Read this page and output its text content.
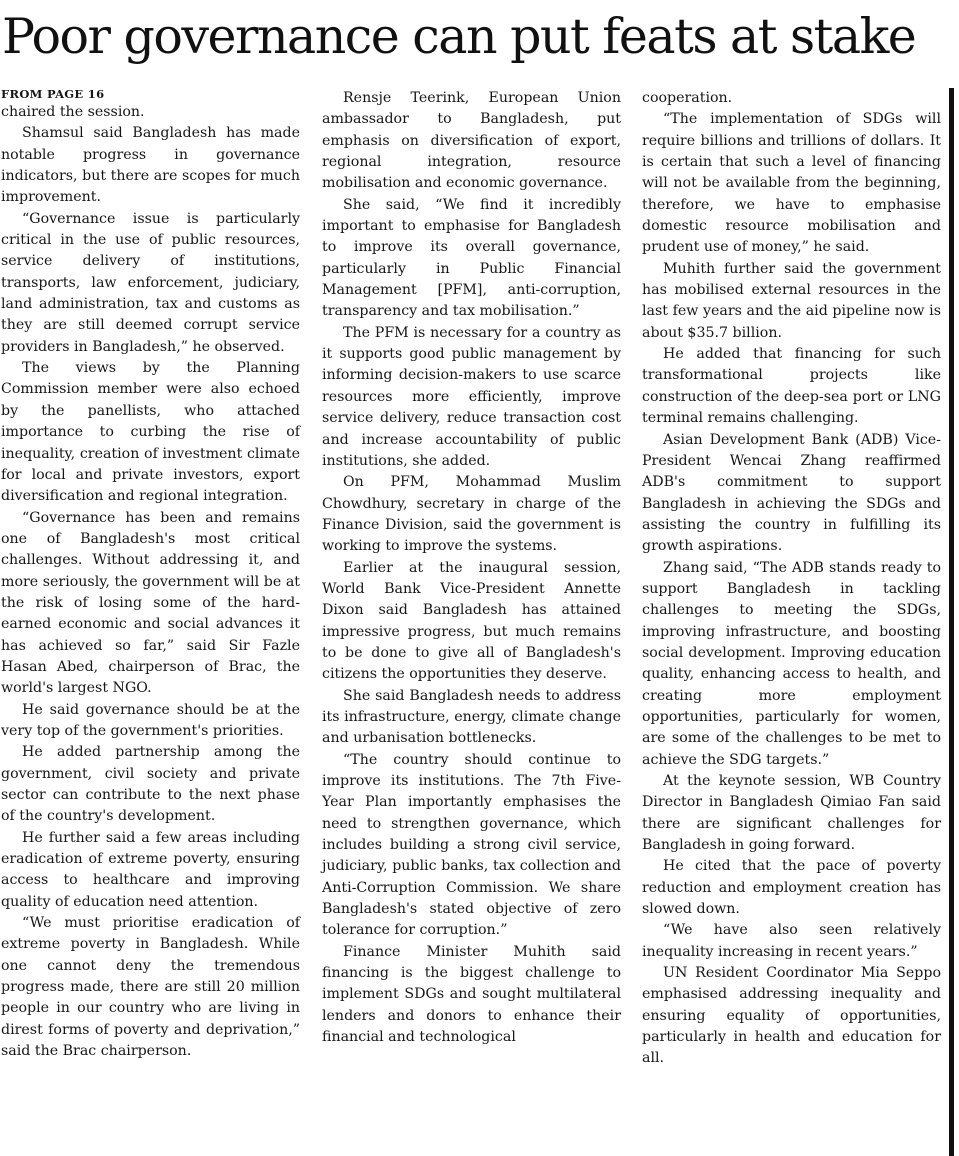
Poor governance can put feats at stake
FROM PAGE 16

chaired the session.

Shamsul said Bangladesh has made notable progress in governance indicators, but there are scopes for much improvement.

“Governance issue is particularly critical in the use of public resources, service delivery of institutions, transports, law enforcement, judiciary, land administration, tax and customs as they are still deemed corrupt service providers in Bangladesh,” he observed.

The views by the Planning Commission member were also echoed by the panellists, who attached importance to curbing the rise of inequality, creation of investment climate for local and private investors, export diversification and regional integration.

“Governance has been and remains one of Bangladesh's most critical challenges. Without addressing it, and more seriously, the government will be at the risk of losing some of the hard-earned economic and social advances it has achieved so far,” said Sir Fazle Hasan Abed, chairperson of Brac, the world's largest NGO.

He said governance should be at the very top of the government's priorities.

He added partnership among the government, civil society and private sector can contribute to the next phase of the country's development.

He further said a few areas including eradication of extreme poverty, ensuring access to healthcare and improving quality of education need attention.

“We must prioritise eradication of extreme poverty in Bangladesh. While one cannot deny the tremendous progress made, there are still 20 million people in our country who are living in direst forms of poverty and deprivation,” said the Brac chairperson.

Rensje Teerink, European Union ambassador to Bangladesh, put emphasis on diversification of export, regional integration, resource mobilisation and economic governance.

She said, “We find it incredibly important to emphasise for Bangladesh to improve its overall governance, particularly in Public Financial Management [PFM], anti-corruption, transparency and tax mobilisation.”

The PFM is necessary for a country as it supports good public management by informing decision-makers to use scarce resources more efficiently, improve service delivery, reduce transaction cost and increase accountability of public institutions, she added.

On PFM, Mohammad Muslim Chowdhury, secretary in charge of the Finance Division, said the government is working to improve the systems.

Earlier at the inaugural session, World Bank Vice-President Annette Dixon said Bangladesh has attained impressive progress, but much remains to be done to give all of Bangladesh's citizens the opportunities they deserve.

She said Bangladesh needs to address its infrastructure, energy, climate change and urbanisation bottlenecks.

“The country should continue to improve its institutions. The 7th Five-Year Plan importantly emphasises the need to strengthen governance, which includes building a strong civil service, judiciary, public banks, tax collection and Anti-Corruption Commission. We share Bangladesh's stated objective of zero tolerance for corruption.”

Finance Minister Muhith said financing is the biggest challenge to implement SDGs and sought multilateral lenders and donors to enhance their financial and technological

cooperation.

“The implementation of SDGs will require billions and trillions of dollars. It is certain that such a level of financing will not be available from the beginning, therefore, we have to emphasise domestic resource mobilisation and prudent use of money,” he said.

Muhith further said the government has mobilised external resources in the last few years and the aid pipeline now is about $35.7 billion.

He added that financing for such transformational projects like construction of the deep-sea port or LNG terminal remains challenging.

Asian Development Bank (ADB) Vice-President Wencai Zhang reaffirmed ADB's commitment to support Bangladesh in achieving the SDGs and assisting the country in fulfilling its growth aspirations.

Zhang said, “The ADB stands ready to support Bangladesh in tackling challenges to meeting the SDGs, improving infrastructure, and boosting social development. Improving education quality, enhancing access to health, and creating more employment opportunities, particularly for women, are some of the challenges to be met to achieve the SDG targets.”

At the keynote session, WB Country Director in Bangladesh Qimiao Fan said there are significant challenges for Bangladesh in going forward.

He cited that the pace of poverty reduction and employment creation has slowed down.

“We have also seen relatively inequality increasing in recent years.”

UN Resident Coordinator Mia Seppo emphasised addressing inequality and ensuring equality of opportunities, particularly in health and education for all.
